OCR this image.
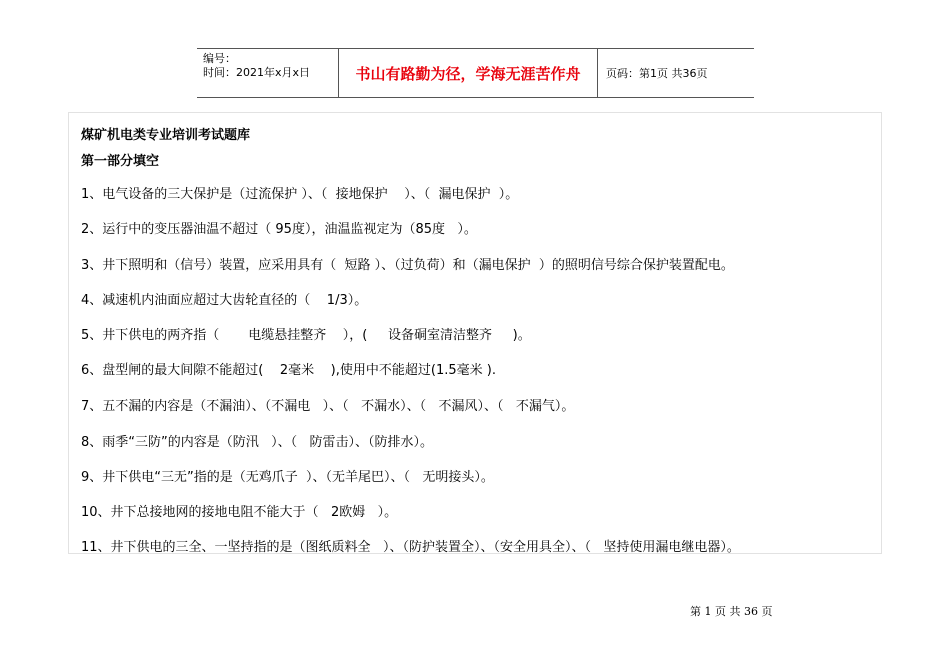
编号：
时间：2021年x月x日	书山有路勤为径，学海无涯苦作舟	页码：第1页 共36页
煤矿机电类专业培训考试题库
第一部分填空
1、电气设备的三大保护是（过流保护 ）、（  接地保护    ）、（  漏电保护  ）。
2、运行中的变压器油温不超过（ 95度），油温监视定为（85度   ）。
3、井下照明和（信号）装置，应采用具有（  短路 ）、（过负荷）和（漏电保护  ）的照明信号综合保护装置配电。
4、减速机内油面应超过大齿轮直径的（    1/3）。
5、井下供电的两齐指（       电缆悬挂整齐    ），(     设备硐室清洁整齐     )。
6、盘型闸的最大间隙不能超过(    2毫米    ),使用中不能超过(1.5毫米 ).
7、五不漏的内容是（不漏油）、（不漏电   ）、（   不漏水）、（   不漏风）、（   不漏气）。
8、雨季“三防”的内容是（防汛   ）、（   防雷击）、（防排水）。
9、井下供电“三无”指的是（无鸡爪子  ）、（无羊尾巴）、（   无明接头）。
10、井下总接地网的接地电阻不能大于（   2欧姆   ）。
11、井下供电的三全、一坚持指的是（图纸质料全   ）、（防护装置全）、（安全用具全）、（   坚持使用漏电继电器）。
第 1 页 共 36 页
